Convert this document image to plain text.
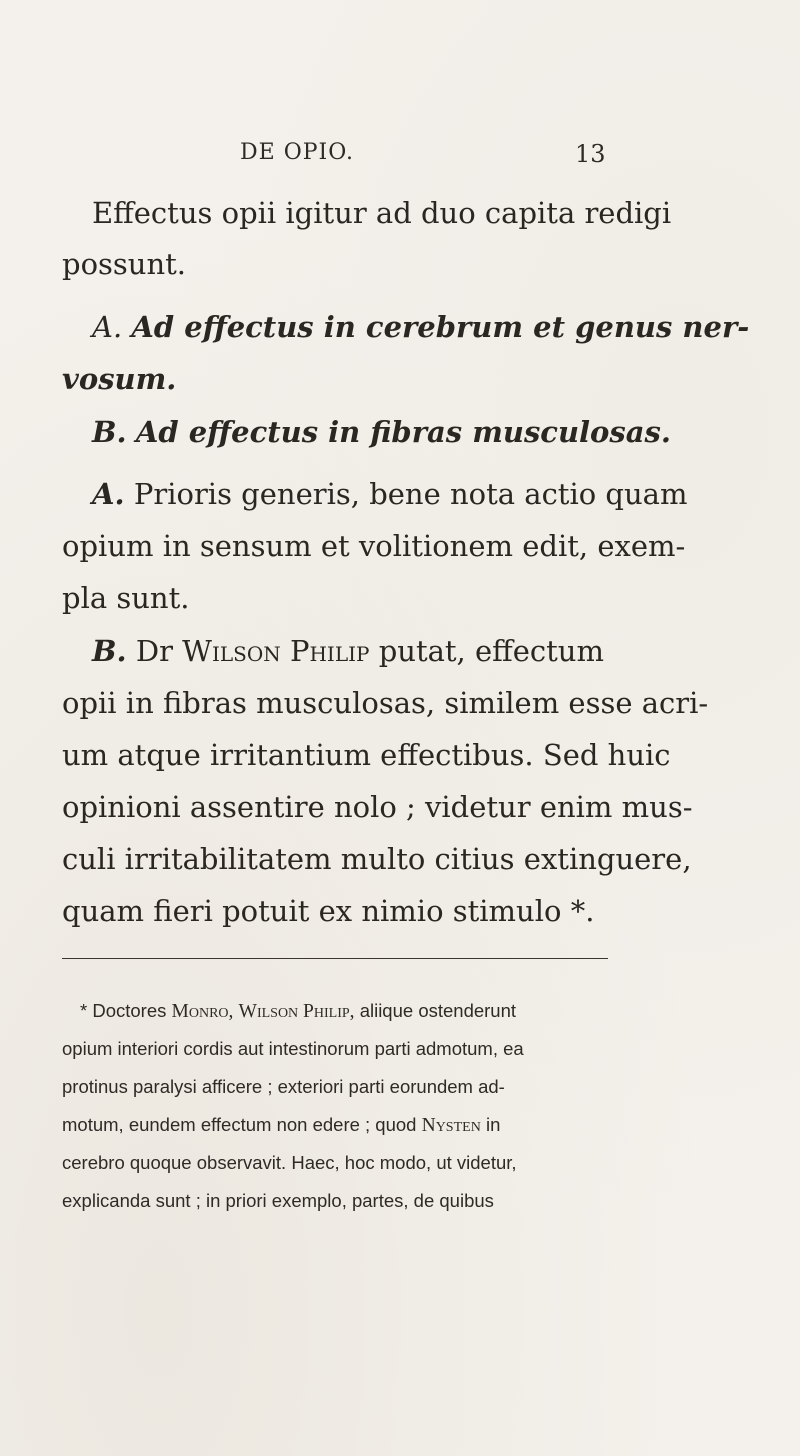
DE OPIO.	13
Effectus opii igitur ad duo capita redigi
possunt.
A. Ad effectus in cerebrum et genus ner-
vosum.
B. Ad effectus in fibras musculosas.
A. Prioris generis, bene nota actio quam
opium in sensum et volitionem edit, exem-
pla sunt.
B. Dr Wilson Philip putat, effectum
opii in fibras musculosas, similem esse acri-
um atque irritantium effectibus. Sed huic
opinioni assentire nolo ; videtur enim mus-
culi irritabilitatem multo citius extinguere,
quam fieri potuit ex nimio stimulo *.
* Doctores Monro, Wilson Philip, aliique ostenderunt
opium interiori cordis aut intestinorum parti admotum, ea
protinus paralysi afficere ; exteriori parti eorundem ad-
motum, eundem effectum non edere ; quod Nysten in
cerebro quoque observavit. Haec, hoc modo, ut videtur,
explicanda sunt ; in priori exemplo, partes, de quibus
